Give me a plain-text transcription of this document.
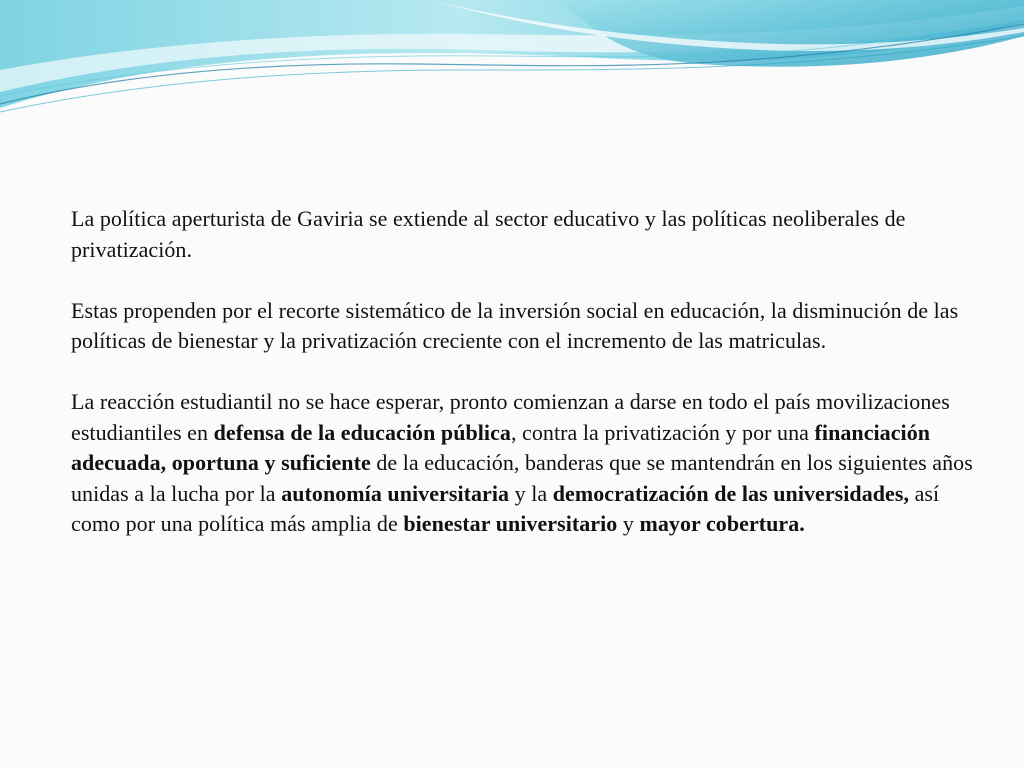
La política aperturista de Gaviria se extiende al sector educativo y las políticas neoliberales de privatización.

Estas propenden por el recorte sistemático de la inversión social en educación, la disminución de las políticas de bienestar y la privatización creciente con el incremento de las matriculas.

La reacción estudiantil no se hace esperar, pronto comienzan a darse en todo el país movilizaciones estudiantiles en defensa de la educación pública, contra la privatización y por una financiación adecuada, oportuna y suficiente de la educación, banderas que se mantendrán en los siguientes años unidas a la lucha por la autonomía universitaria y la democratización de las universidades, así como por una política más amplia de bienestar universitario y mayor cobertura.
